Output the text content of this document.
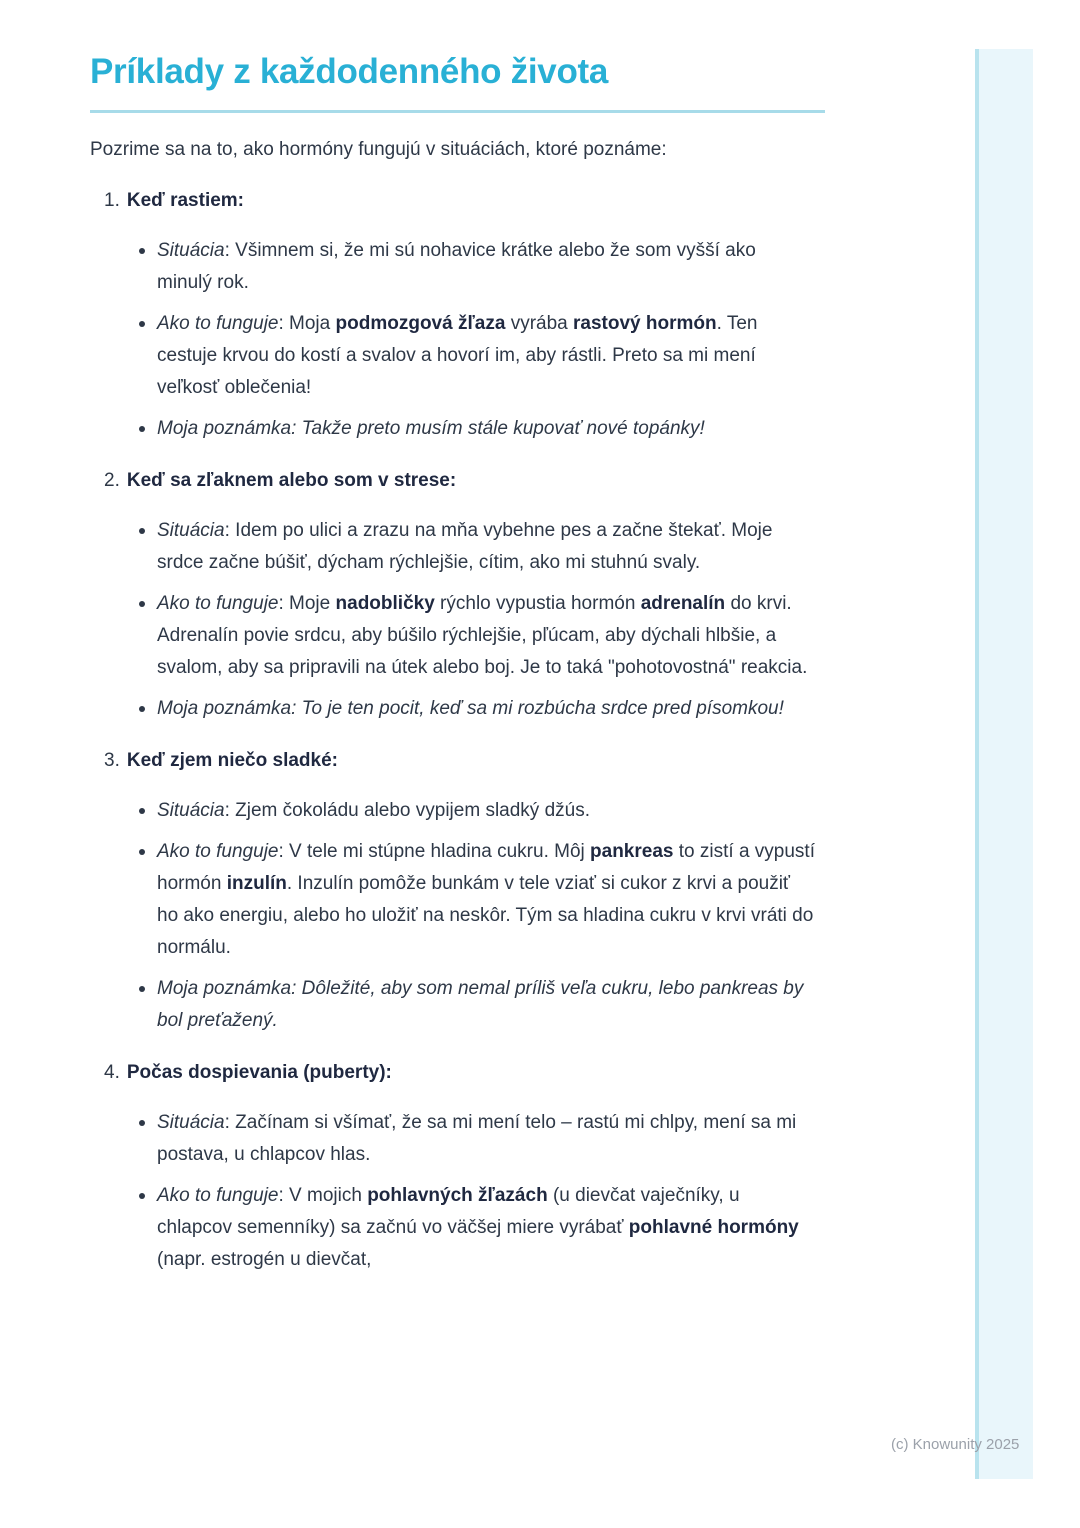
Príklady z každodenného života

Pozrime sa na to, ako hormóny fungujú v situáciách, ktoré poznáme:

1. Keď rastiem:
Situácia: Všimnem si, že mi sú nohavice krátke alebo že som vyšší ako minulý rok.
Ako to funguje: Moja podmozgová žľaza vyrába rastový hormón. Ten cestuje krvou do kostí a svalov a hovorí im, aby rástli. Preto sa mi mení veľkosť oblečenia!
Moja poznámka: Takže preto musím stále kupovať nové topánky!
2. Keď sa zľaknem alebo som v strese:
Situácia: Idem po ulici a zrazu na mňa vybehne pes a začne štekať. Moje srdce začne búšiť, dýcham rýchlejšie, cítim, ako mi stuhnú svaly.
Ako to funguje: Moje nadobličky rýchlo vypustia hormón adrenalín do krvi. Adrenalín povie srdcu, aby búšilo rýchlejšie, pľúcam, aby dýchali hlbšie, a svalom, aby sa pripravili na útek alebo boj. Je to taká "pohotovostná" reakcia.
Moja poznámka: To je ten pocit, keď sa mi rozbúcha srdce pred písomkou!
3. Keď zjem niečo sladké:
Situácia: Zjem čokoládu alebo vypijem sladký džús.
Ako to funguje: V tele mi stúpne hladina cukru. Môj pankreas to zistí a vypustí hormón inzulín. Inzulín pomôže bunkám v tele vziať si cukor z krvi a použiť ho ako energiu, alebo ho uložiť na neskôr. Tým sa hladina cukru v krvi vráti do normálu.
Moja poznámka: Dôležité, aby som nemal príliš veľa cukru, lebo pankreas by bol preťažený.
4. Počas dospievania (puberty):
Situácia: Začínam si všímať, že sa mi mení telo – rastú mi chlpy, mení sa mi postava, u chlapcov hlas.
Ako to funguje: V mojich pohlavných žľazách (u dievčat vaječníky, u chlapcov semenníky) sa začnú vo väčšej miere vyrábať pohlavné hormóny (napr. estrogén u dievčat,
(c) Knowunity 2025
